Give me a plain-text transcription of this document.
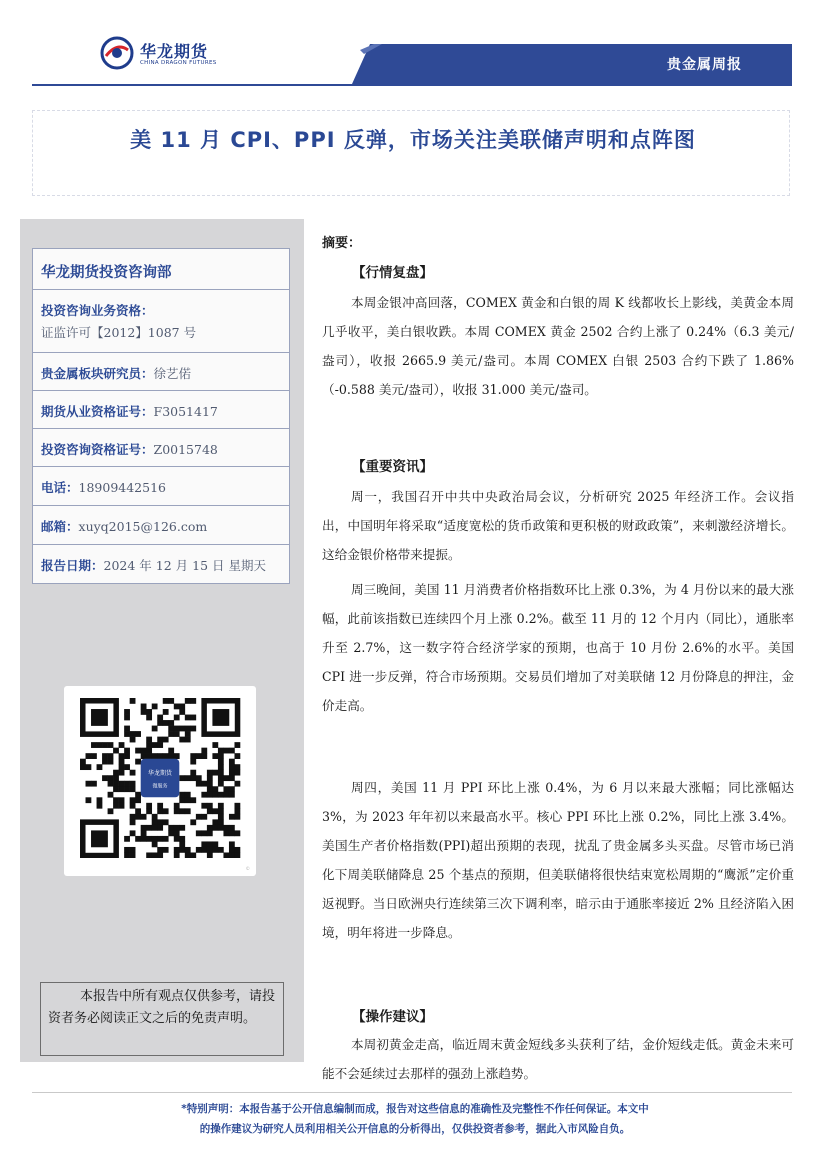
华龙期货
CHINA DRAGON FUTURES	贵金属周报
美 11 月 CPI、PPI 反弹，市场关注美联储声明和点阵图
华龙期货投资咨询部
投资咨询业务资格：
证监许可【2012】1087 号
贵金属板块研究员：徐艺偌
期货从业资格证号：F3051417
投资咨询资格证号：Z0015748
电话：18909442516
邮箱：xuyq2015@126.com
报告日期：2024 年 12 月 15 日 星期天
华龙期货
微服务
©
本报告中所有观点仅供参考，请投资者务必阅读正文之后的免责声明。
摘要：
【行情复盘】

本周金银冲高回落，COMEX 黄金和白银的周 K 线都收长上影线，美黄金本周几乎收平，美白银收跌。本周 COMEX 黄金 2502 合约上涨了 0.24%（6.3 美元/盎司），收报 2665.9 美元/盎司。本周 COMEX 白银 2503 合约下跌了 1.86%（-0.588 美元/盎司），收报 31.000 美元/盎司。

【重要资讯】

周一，我国召开中共中央政治局会议，分析研究 2025 年经济工作。会议指出，中国明年将采取“适度宽松的货币政策和更积极的财政政策”，来刺激经济增长。这给金银价格带来提振。

周三晚间，美国 11 月消费者价格指数环比上涨 0.3%，为 4 月份以来的最大涨幅，此前该指数已连续四个月上涨 0.2%。截至 11 月的 12 个月内（同比），通胀率升至 2.7%，这一数字符合经济学家的预期，也高于 10 月份 2.6%的水平。美国 CPI 进一步反弹，符合市场预期。交易员们增加了对美联储 12 月份降息的押注，金价走高。

周四，美国 11 月 PPI 环比上涨 0.4%，为 6 月以来最大涨幅；同比涨幅达 3%，为 2023 年年初以来最高水平。核心 PPI 环比上涨 0.2%，同比上涨 3.4%。美国生产者价格指数(PPI)超出预期的表现，扰乱了贵金属多头买盘。尽管市场已消化下周美联储降息 25 个基点的预期，但美联储将很快结束宽松周期的“鹰派”定价重返视野。当日欧洲央行连续第三次下调利率，暗示由于通胀率接近 2% 且经济陷入困境，明年将进一步降息。

【操作建议】

本周初黄金走高，临近周末黄金短线多头获利了结，金价短线走低。黄金未来可能不会延续过去那样的强劲上涨趋势。

*特别声明：本报告基于公开信息编制而成，报告对这些信息的准确性及完整性不作任何保证。本文中
的操作建议为研究人员利用相关公开信息的分析得出，仅供投资者参考，据此入市风险自负。
